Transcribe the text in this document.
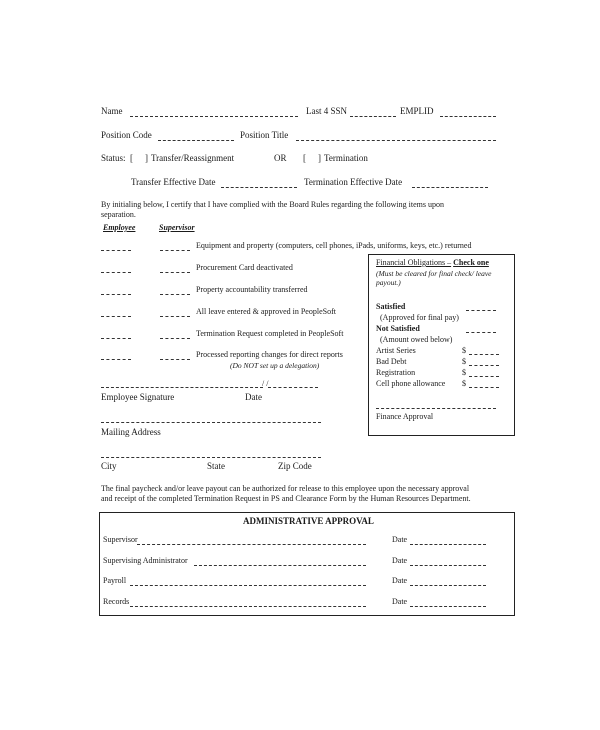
Name	Last 4 SSN	EMPLID
Position Code	Position Title
Status: [ ] Transfer/Reassignment	OR [ ] Termination
Transfer Effective Date	Termination Effective Date
By initialing below, I certify that I have complied with the Board Rules regarding the following items upon
separation.
Employee	Supervisor
Equipment and property (computers, cell phones, iPads, uniforms, keys, etc.) returned
Procurement Card deactivated
Property accountability transferred
All leave entered & approved in PeopleSoft
Termination Request completed in PeopleSoft
Processed reporting changes for direct reports
(Do NOT set up a delegation)
/ /
Employee Signature	Date
Mailing Address
City	State	Zip Code
Financial Obligations – Check one
(Must be cleared for final check/ leave
payout.)
Satisfied
(Approved for final pay)
Not Satisfied
(Amount owed below)
Artist Series	$
Bad Debt	$
Registration	$
Cell phone allowance $
Finance Approval
The final paycheck and/or leave payout can be authorized for release to this employee upon the necessary approval
and receipt of the completed Termination Request in PS and Clearance Form by the Human Resources Department.
ADMINISTRATIVE APPROVAL
Supervisor	Date
Supervising Administrator	Date
Payroll	Date
Records	Date
